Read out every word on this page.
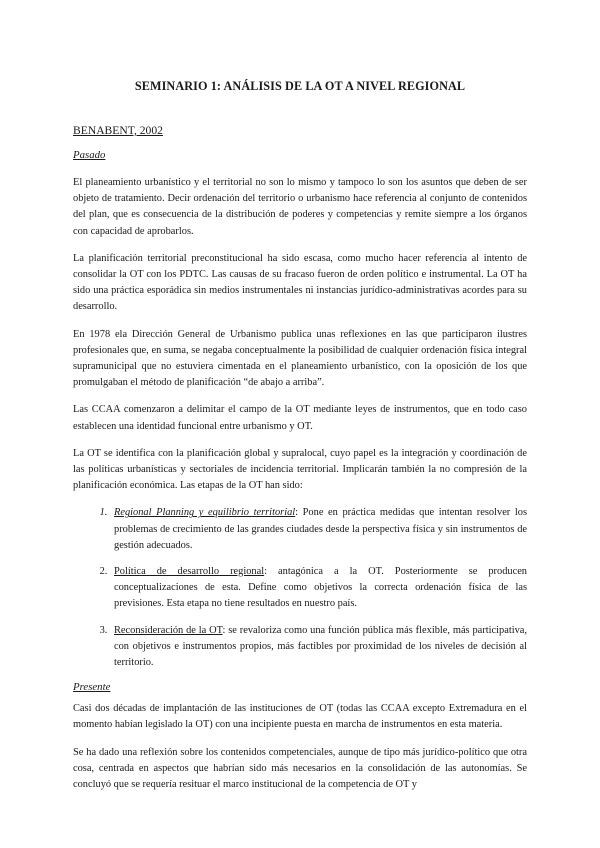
SEMINARIO 1: ANÁLISIS DE LA OT A NIVEL REGIONAL
BENABENT, 2002
Pasado

El planeamiento urbanístico y el territorial no son lo mismo y tampoco lo son los asuntos que deben de ser objeto de tratamiento. Decir ordenación del territorio o urbanismo hace referencia al conjunto de contenidos del plan, que es consecuencia de la distribución de poderes y competencias y remite siempre a los órganos con capacidad de aprobarlos.

La planificación territorial preconstitucional ha sido escasa, como mucho hacer referencia al intento de consolidar la OT con los PDTC. Las causas de su fracaso fueron de orden político e instrumental. La OT ha sido una práctica esporádica sin medios instrumentales ni instancias jurídico-administrativas acordes para su desarrollo.

En 1978 ela Dirección General de Urbanismo publica unas reflexiones en las que participaron ilustres profesionales que, en suma, se negaba conceptualmente la posibilidad de cualquier ordenación física integral supramunicipal que no estuviera cimentada en el planeamiento urbanístico, con la oposición de los que promulgaban el método de planificación “de abajo a arriba”.

Las CCAA comenzaron a delimitar el campo de la OT mediante leyes de instrumentos, que en todo caso establecen una identidad funcional entre urbanismo y OT.

La OT se identifica con la planificación global y supralocal, cuyo papel es la integración y coordinación de las políticas urbanísticas y sectoriales de incidencia territorial. Implicarán también la no compresión de la planificación económica. Las etapas de la OT han sido:

1. Regional Planning y equilibrio territorial: Pone en práctica medidas que intentan resolver los problemas de crecimiento de las grandes ciudades desde la perspectiva física y sin instrumentos de gestión adecuados.
2. Política de desarrollo regional: antagónica a la OT. Posteriormente se producen conceptualizaciones de esta. Define como objetivos la correcta ordenación física de las previsiones. Esta etapa no tiene resultados en nuestro país.
3. Reconsideración de la OT: se revaloriza como una función pública más flexible, más participativa, con objetivos e instrumentos propios, más factibles por proximidad de los niveles de decisión al territorio.
Presente

Casi dos décadas de implantación de las instituciones de OT (todas las CCAA excepto Extremadura en el momento habían legislado la OT) con una incipiente puesta en marcha de instrumentos en esta materia.

Se ha dado una reflexión sobre los contenidos competenciales, aunque de tipo más jurídico-político que otra cosa, centrada en aspectos que habrían sido más necesarios en la consolidación de las autonomías. Se concluyó que se requería resituar el marco institucional de la competencia de OT y
